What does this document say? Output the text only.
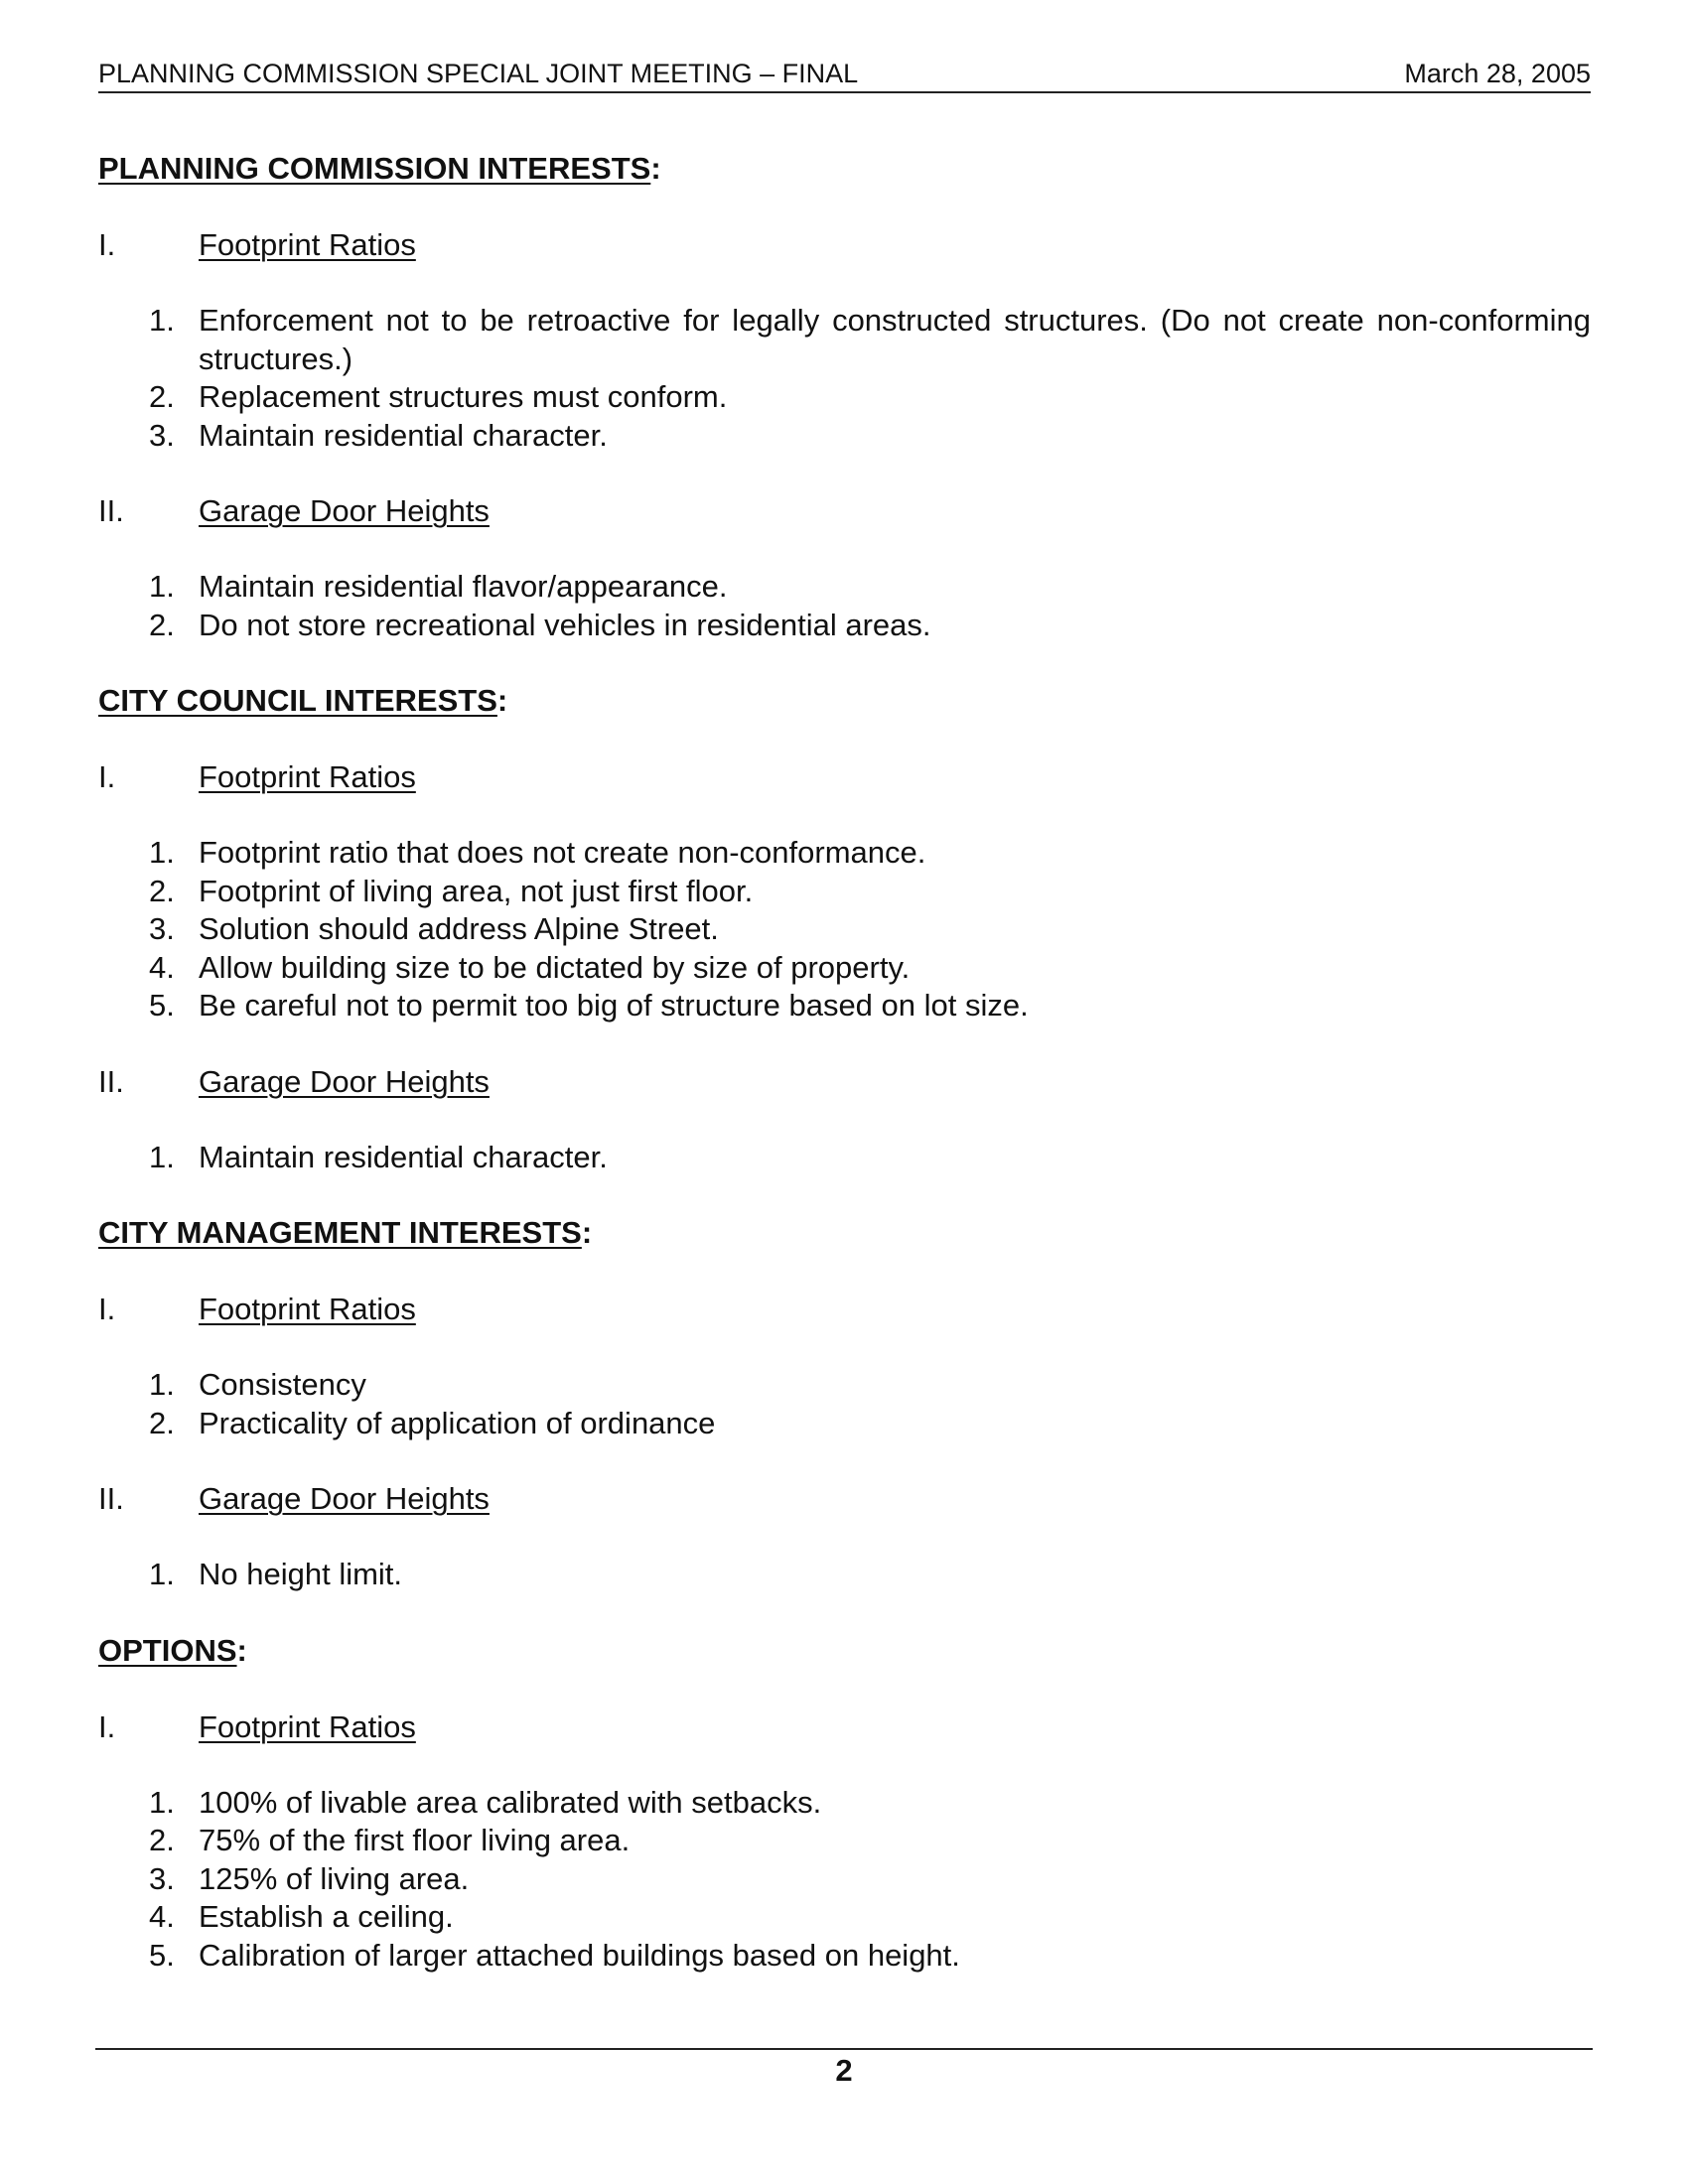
PLANNING COMMISSION SPECIAL JOINT MEETING – FINAL	March 28, 2005

PLANNING COMMISSION INTERESTS:

I.	Footprint Ratios
1. Enforcement not to be retroactive for legally constructed structures. (Do not create non-conforming structures.)
2. Replacement structures must conform.
3. Maintain residential character.
II. Garage Door Heights
1. Maintain residential flavor/appearance.
2. Do not store recreational vehicles in residential areas.

CITY COUNCIL INTERESTS:

I.	Footprint Ratios
1. Footprint ratio that does not create non-conformance.
2. Footprint of living area, not just first floor.
3. Solution should address Alpine Street.
4. Allow building size to be dictated by size of property.
5. Be careful not to permit too big of structure based on lot size.
II. Garage Door Heights
1. Maintain residential character.

CITY MANAGEMENT INTERESTS:

I.	Footprint Ratios
1. Consistency
2. Practicality of application of ordinance
II. Garage Door Heights
1. No height limit.

OPTIONS:

I.	Footprint Ratios
1. 100% of livable area calibrated with setbacks.
2. 75% of the first floor living area.
3. 125% of living area.
4. Establish a ceiling.
5. Calibration of larger attached buildings based on height.
2
